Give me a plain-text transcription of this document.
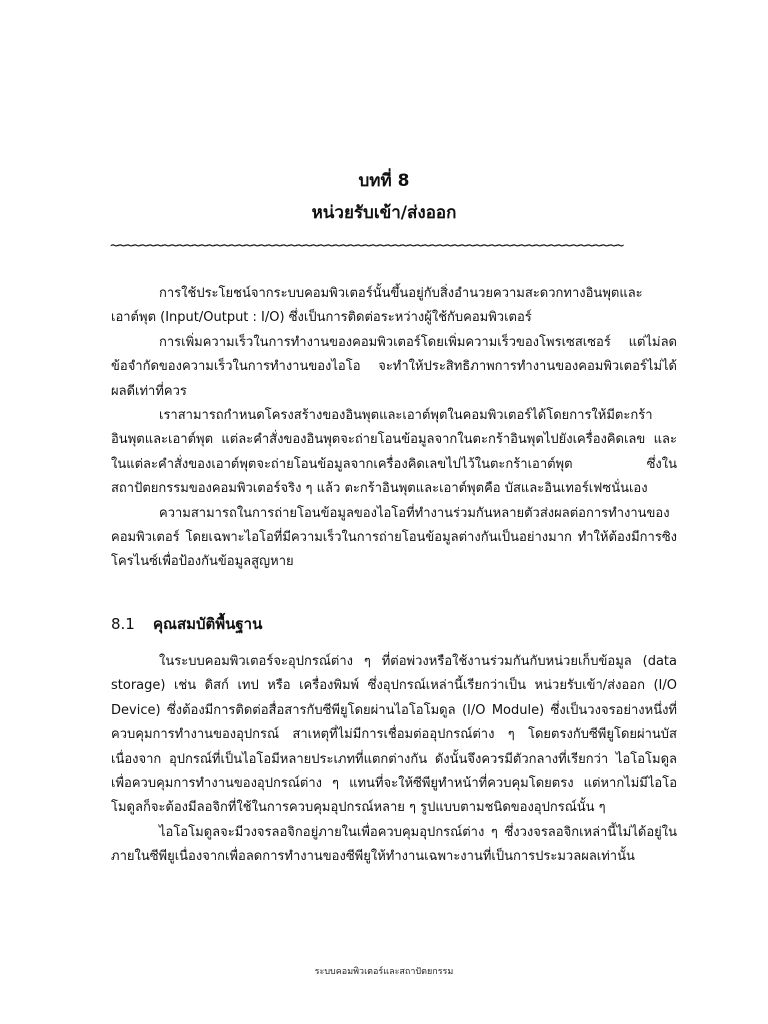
บทที่ 8
หน่วยรับเข้า/ส่งออก
~~~~~~~~~~~~~~~~~~~~~~~~~~~~~~~~~~~~~~~~~~~~~~~~~~~~~~~~~~~~~~~~~~~~~

การใช้ประโยชน์จากระบบคอมพิวเตอร์นั้นขึ้นอยู่กับสิ่งอำนวยความสะดวกทางอินพุตและเอาต์พุต (Input/Output : I/O) ซึ่งเป็นการติดต่อระหว่างผู้ใช้กับคอมพิวเตอร์

การเพิ่มความเร็วในการทำงานของคอมพิวเตอร์โดยเพิ่มความเร็วของโพรเซสเซอร์ แต่ไม่ลดข้อจำกัดของความเร็วในการทำงานของไอโอ จะทำให้ประสิทธิภาพการทำงานของคอมพิวเตอร์ไม่ได้ผลดีเท่าที่ควร

เราสามารถกำหนดโครงสร้างของอินพุตและเอาต์พุตในคอมพิวเตอร์ได้โดยการให้มีตะกร้าอินพุตและเอาต์พุต แต่ละคำสั่งของอินพุตจะถ่ายโอนข้อมูลจากในตะกร้าอินพุตไปยังเครื่องคิดเลข และในแต่ละคำสั่งของเอาต์พุตจะถ่ายโอนข้อมูลจากเครื่องคิดเลขไปไว้ในตะกร้าเอาต์พุต ซึ่งในสถาปัตยกรรมของคอมพิวเตอร์จริง ๆ แล้ว ตะกร้าอินพุตและเอาต์พุตคือ บัสและอินเทอร์เฟซนั่นเอง

ความสามารถในการถ่ายโอนข้อมูลของไอโอที่ทำงานร่วมกันหลายตัวส่งผลต่อการทำงานของคอมพิวเตอร์ โดยเฉพาะไอโอที่มีความเร็วในการถ่ายโอนข้อมูลต่างกันเป็นอย่างมาก ทำให้ต้องมีการซิงโครไนซ์เพื่อป้องกันข้อมูลสูญหาย

8.1 คุณสมบัติพื้นฐาน

ในระบบคอมพิวเตอร์จะอุปกรณ์ต่าง ๆ ที่ต่อพ่วงหรือใช้งานร่วมกันกับหน่วยเก็บข้อมูล (data storage) เช่น ดิสก์ เทป หรือ เครื่องพิมพ์ ซึ่งอุปกรณ์เหล่านี้เรียกว่าเป็น หน่วยรับเข้า/ส่งออก (I/O Device) ซึ่งต้องมีการติดต่อสื่อสารกับซีพียูโดยผ่านไอโอโมดูล (I/O Module) ซึ่งเป็นวงจรอย่างหนึ่งที่ควบคุมการทำงานของอุปกรณ์ สาเหตุที่ไม่มีการเชื่อมต่ออุปกรณ์ต่าง ๆ โดยตรงกับซีพียูโดยผ่านบัสเนื่องจาก อุปกรณ์ที่เป็นไอโอมีหลายประเภทที่แตกต่างกัน ดังนั้นจึงควรมีตัวกลางที่เรียกว่า ไอโอโมดูลเพื่อควบคุมการทำงานของอุปกรณ์ต่าง ๆ แทนที่จะให้ซีพียูทำหน้าที่ควบคุมโดยตรง แต่หากไม่มีไอโอโมดูลก็จะต้องมีลอจิกที่ใช้ในการควบคุมอุปกรณ์หลาย ๆ รูปแบบตามชนิดของอุปกรณ์นั้น ๆ

ไอโอโมดูลจะมีวงจรลอจิกอยู่ภายในเพื่อควบคุมอุปกรณ์ต่าง ๆ ซึ่งวงจรลอจิกเหล่านี้ไม่ได้อยู่ในภายในซีพียูเนื่องจากเพื่อลดการทำงานของซีพียูให้ทำงานเฉพาะงานที่เป็นการประมวลผลเท่านั้น

ระบบคอมพิวเตอร์และสถาปัตยกรรม
